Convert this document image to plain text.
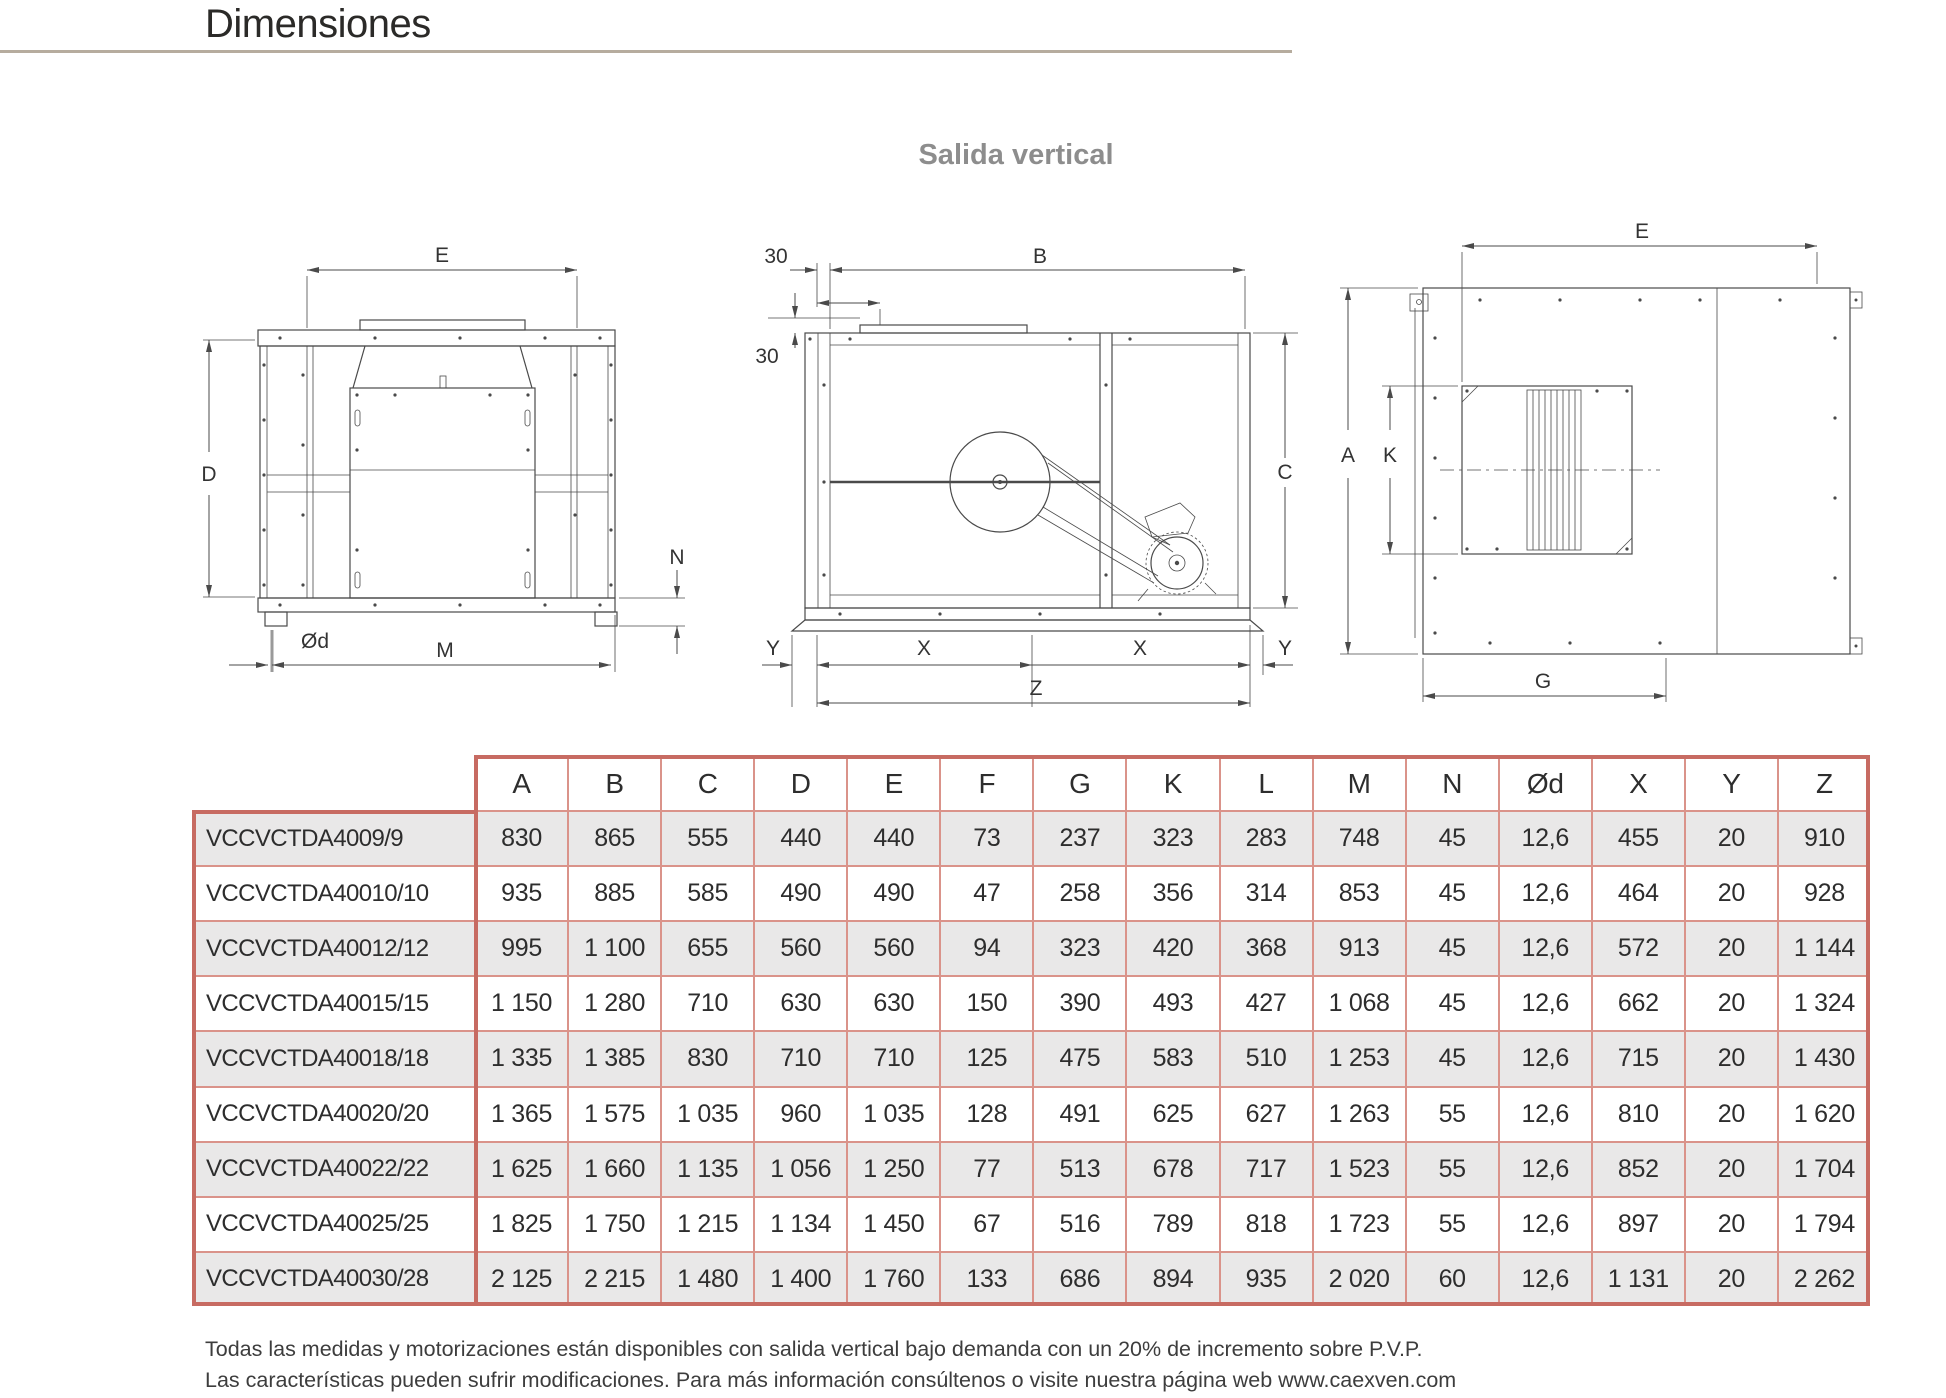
Dimensiones
Salida vertical
E
D
Ød	M
N
30	B
30
C
Y	X	X	Y
Z
E
A K
G
A	B	C	D	E	F	G	K	L	M	N	Ød	X	Y	Z
VCCVCTDA4009/9	830	865	555	440	440	73	237	323	283	748	45	12,6	455	20	910
VCCVCTDA40010/10	935	885	585	490	490	47	258	356	314	853	45	12,6	464	20	928
VCCVCTDA40012/12	995	1 100	655	560	560	94	323	420	368	913	45	12,6	572	20	1 144
VCCVCTDA40015/15	1 150	1 280	710	630	630	150	390	493	427	1 068	45	12,6	662	20	1 324
VCCVCTDA40018/18	1 335	1 385	830	710	710	125	475	583	510	1 253	45	12,6	715	20	1 430
VCCVCTDA40020/20	1 365	1 575	1 035	960	1 035	128	491	625	627	1 263	55	12,6	810	20	1 620
VCCVCTDA40022/22	1 625	1 660	1 135	1 056	1 250	77	513	678	717	1 523	55	12,6	852	20	1 704
VCCVCTDA40025/25	1 825	1 750	1 215	1 134	1 450	67	516	789	818	1 723	55	12,6	897	20	1 794
VCCVCTDA40030/28	2 125	2 215	1 480	1 400	1 760	133	686	894	935	2 020	60	12,6	1 131	20	2 262
Todas las medidas y motorizaciones están disponibles con salida vertical bajo demanda con un 20% de incremento sobre P.V.P.
Las características pueden sufrir modificaciones. Para más información consúltenos o visite nuestra página web www.caexven.com
